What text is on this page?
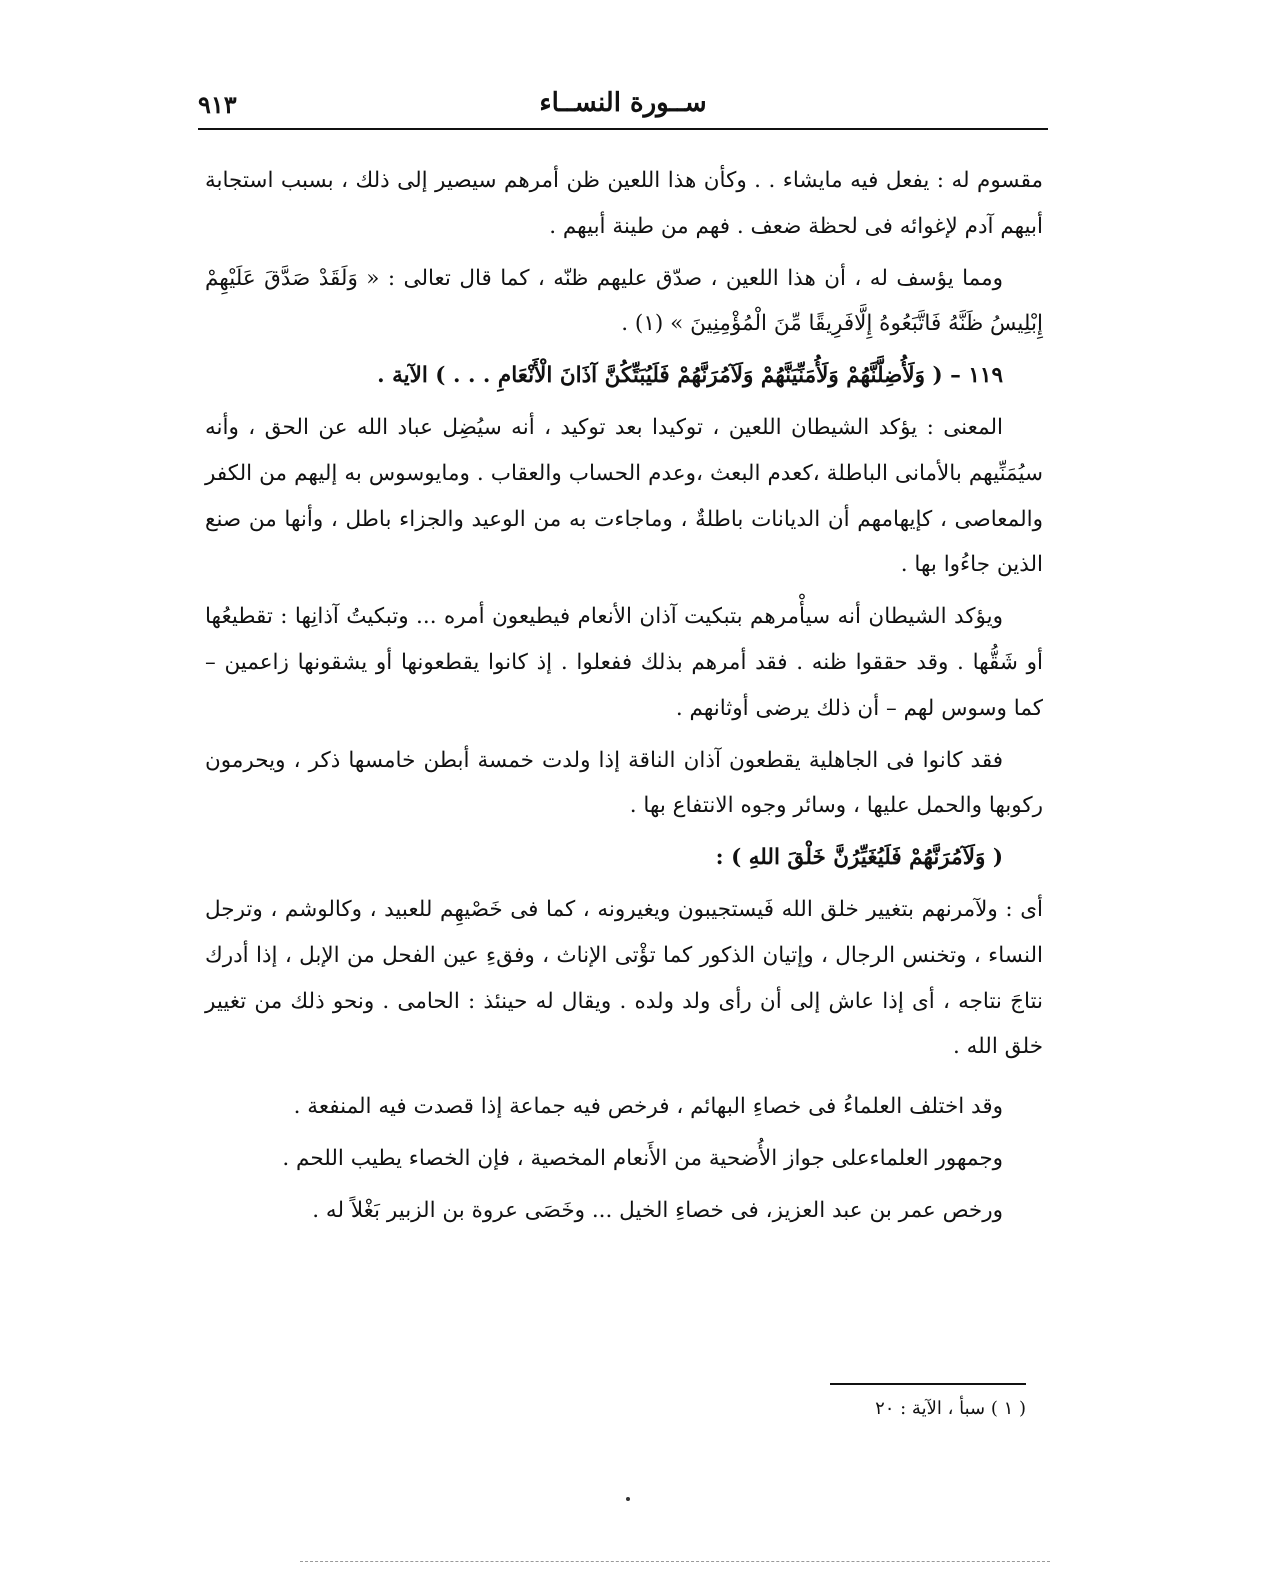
٩١٣	ســورة النســاء

مقسوم له : يفعل فيه مايشاء . . وكأن هذا اللعين ظن أمرهم سيصير إلى ذلك ، بسبب استجابة أبيهم آدم لإغوائه فى لحظة ضعف . فهم من طينة أبيهم .

ومما يؤسف له ، أن هذا اللعين ، صدّق عليهم ظنّه ، كما قال تعالى : « وَلَقَدْ صَدَّقَ عَلَيْهِمْ إِبْلِيسُ ظَنَّهُ فَاتَّبَعُوهُ إِلَّافَرِيقًا مِّنَ الْمُؤْمِنِينَ » (١) .

١١٩ – ( وَلَأُضِلَّنَّهُمْ وَلَأُمَنِّيَنَّهُمْ وَلَآمُرَنَّهُمْ فَلَيُبَتِّكُنَّ آذَانَ الْأَنْعَامِ . . . ) الآية .

المعنى : يؤكد الشيطان اللعين ، توكيدا بعد توكيد ، أنه سيُضِل عباد الله عن الحق ، وأنه سيُمَنِّيهم بالأمانى الباطلة ،كعدم البعث ،وعدم الحساب والعقاب . ومايوسوس به إليهم من الكفر والمعاصى ، كإيهامهم أن الديانات باطلةٌ ، وماجاءت به من الوعيد والجزاء باطل ، وأنها من صنع الذين جاءُوا بها .

ويؤكد الشيطان أنه سيأْمرهم بتبكيت آذان الأنعام فيطيعون أمره ... وتبكيتُ آذانِها : تقطيعُها أو شَقُّها . وقد حققوا ظنه . فقد أمرهم بذلك ففعلوا . إذ كانوا يقطعونها أو يشقونها زاعمين – كما وسوس لهم – أن ذلك يرضى أوثانهم .

فقد كانوا فى الجاهلية يقطعون آذان الناقة إذا ولدت خمسة أبطن خامسها ذكر ، ويحرمون ركوبها والحمل عليها ، وسائر وجوه الانتفاع بها .

( وَلَآمُرَنَّهُمْ فَلَيُغَيِّرُنَّ خَلْقَ اللهِ ) :

أى : ولآمرنهم بتغيير خلق الله فَيستجيبون ويغيرونه ، كما فى خَصْيهِم للعبيد ، وكالوشم ، وترجل النساء ، وتخنس الرجال ، وإتيان الذكور كما تؤْتى الإناث ، وفقءِ عين الفحل من الإبل ، إذا أدرك نتاجَ نتاجه ، أى إذا عاش إلى أن رأى ولد ولده . ويقال له حينئذ : الحامى . ونحو ذلك من تغيير خلق الله .

وقد اختلف العلماءُ فى خصاءِ البهائم ، فرخص فيه جماعة إذا قصدت فيه المنفعة .

وجمهور العلماءعلى جواز الأُضحية من الأَنعام المخصية ، فإن الخصاء يطيب اللحم .

ورخص عمر بن عبد العزيز، فى خصاءِ الخيل ... وخَصَى عروة بن الزبير بَغْلاً له .

( ١ ) سبأ ، الآية : ٢٠
